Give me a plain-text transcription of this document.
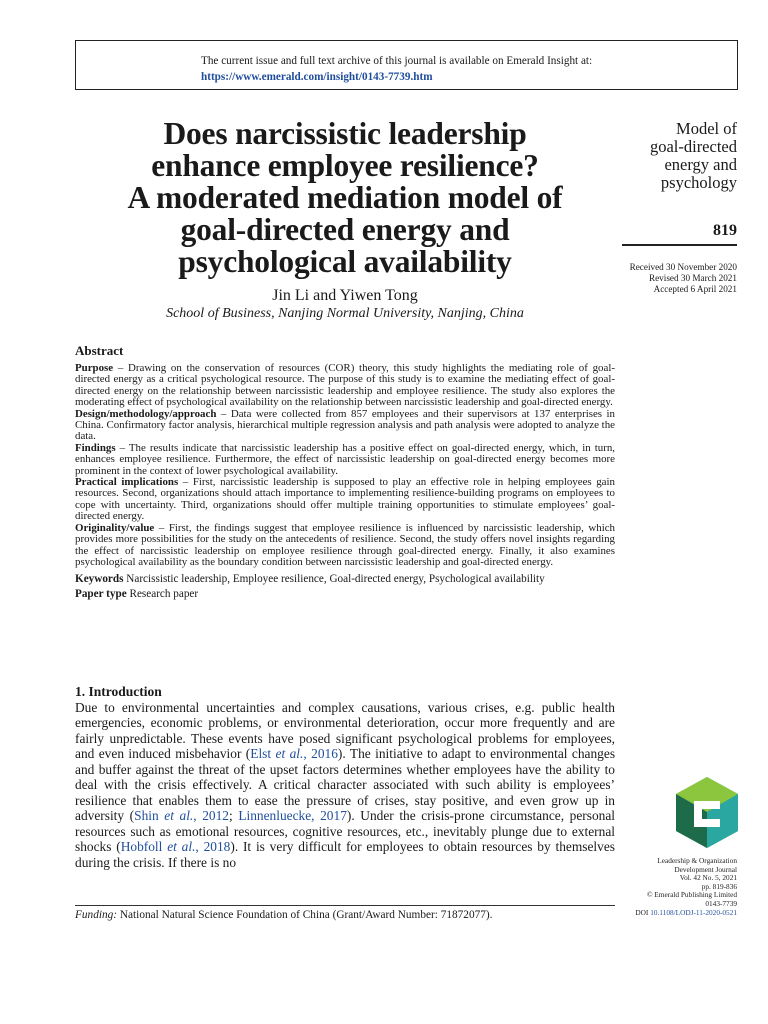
The current issue and full text archive of this journal is available on Emerald Insight at:
https://www.emerald.com/insight/0143-7739.htm
Does narcissistic leadership
enhance employee resilience?
A moderated mediation model of
goal-directed energy and
psychological availability
Jin Li and Yiwen Tong
School of Business, Nanjing Normal University, Nanjing, China
Model of
goal-directed
energy and
psychology
819
Received 30 November 2020
Revised 30 March 2021
Accepted 6 April 2021
Abstract

Purpose – Drawing on the conservation of resources (COR) theory, this study highlights the mediating role of goal-directed energy as a critical psychological resource. The purpose of this study is to examine the mediating effect of goal-directed energy on the relationship between narcissistic leadership and employee resilience. The study also explores the moderating effect of psychological availability on the relationship between narcissistic leadership and goal-directed energy.

Design/methodology/approach – Data were collected from 857 employees and their supervisors at 137 enterprises in China. Confirmatory factor analysis, hierarchical multiple regression analysis and path analysis were adopted to analyze the data.

Findings – The results indicate that narcissistic leadership has a positive effect on goal-directed energy, which, in turn, enhances employee resilience. Furthermore, the effect of narcissistic leadership on goal-directed energy becomes more prominent in the context of lower psychological availability.

Practical implications – First, narcissistic leadership is supposed to play an effective role in helping employees gain resources. Second, organizations should attach importance to implementing resilience-building programs on employees to cope with uncertainty. Third, organizations should offer multiple training opportunities to stimulate employees’ goal-directed energy.

Originality/value – First, the findings suggest that employee resilience is influenced by narcissistic leadership, which provides more possibilities for the study on the antecedents of resilience. Second, the study offers novel insights regarding the effect of narcissistic leadership on employee resilience through goal-directed energy. Finally, it also examines psychological availability as the boundary condition between narcissistic leadership and goal-directed energy.

Keywords Narcissistic leadership, Employee resilience, Goal-directed energy, Psychological availability

Paper type Research paper

1. Introduction

Due to environmental uncertainties and complex causations, various crises, e.g. public health emergencies, economic problems, or environmental deterioration, occur more frequently and are fairly unpredictable. These events have posed significant psychological problems for employees, and even induced misbehavior (Elst et al., 2016). The initiative to adapt to environmental changes and buffer against the threat of the upset factors determines whether employees have the ability to deal with the crisis effectively. A critical character associated with such ability is employees’ resilience that enables them to ease the pressure of crises, stay positive, and even grow up in adversity (Shin et al., 2012; Linnenluecke, 2017). Under the crisis-prone circumstance, personal resources such as emotional resources, cognitive resources, etc., inevitably plunge due to external shocks (Hobfoll et al., 2018). It is very difficult for employees to obtain resources by themselves during the crisis. If there is no

Funding: National Natural Science Foundation of China (Grant/Award Number: 71872077).
Leadership & Organization
Development Journal
Vol. 42 No. 5, 2021
pp. 819-836
© Emerald Publishing Limited
0143-7739
DOI 10.1108/LODJ-11-2020-0521
